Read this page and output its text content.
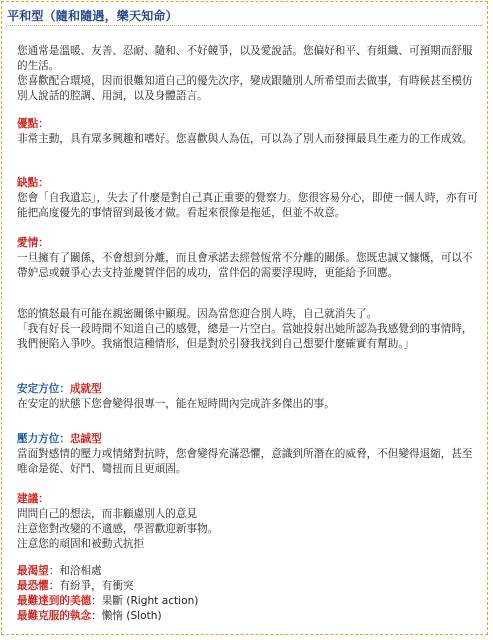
平和型（隨和隨遇，樂天知命）

您通常是溫暖、友善、忍耐、隨和、不好競爭，以及愛說話。您偏好和平、有組織、可預期而舒服的生活。

您喜歡配合環境，因而很難知道自己的優先次序，變成跟隨別人所希望而去做事，有時候甚至模仿別人說話的腔調、用詞，以及身體語言。

優點：

非常主動，具有眾多興趣和嗜好。您喜歡與人為伍，可以為了別人而發揮最具生產力的工作成效。

缺點：

您會「自我遺忘」，失去了什麼是對自己真正重要的覺察力。您很容易分心，即使一個人時，亦有可能把高度優先的事情留到最後才做。看起來很像是拖延，但並不故意。

愛情：

一旦擁有了關係，不會想到分離，而且會承諾去經營恆常不分離的關係。您既忠誠又慷慨，可以不帶妒忌或競爭心去支持並慶賀伴侶的成功，當伴侶的需要浮現時，更能給予回應。

您的憤怒最有可能在親密關係中顯現。因為當您迎合別人時，自己就消失了。

「我有好長一段時間不知道自己的感覺，總是一片空白。當她投射出她所認為我感覺到的事情時，我們便陷入爭吵。我痛恨這種情形，但是對於引發我找到自己想要什麼確實有幫助。」

安定方位：成就型

在安定的狀態下您會變得很專一，能在短時間內完成許多傑出的事。

壓力方位：忠誠型

當面對感情的壓力或情緒對抗時，您會變得充滿恐懼，意識到所潛在的威脅，不但變得退縮，甚至唯命是從、好鬥、彎扭而且更頑固。

建議：

問問自己的想法，而非顧慮別人的意見

注意您對改變的不適感，學習歡迎新事物。

注意您的頑固和被動式抗拒

最渴望：和洽相處

最恐懼：有紛爭，有衝突

最難達到的美德：果斷 (Right action)

最難克服的執念：懶惰 (Sloth)
